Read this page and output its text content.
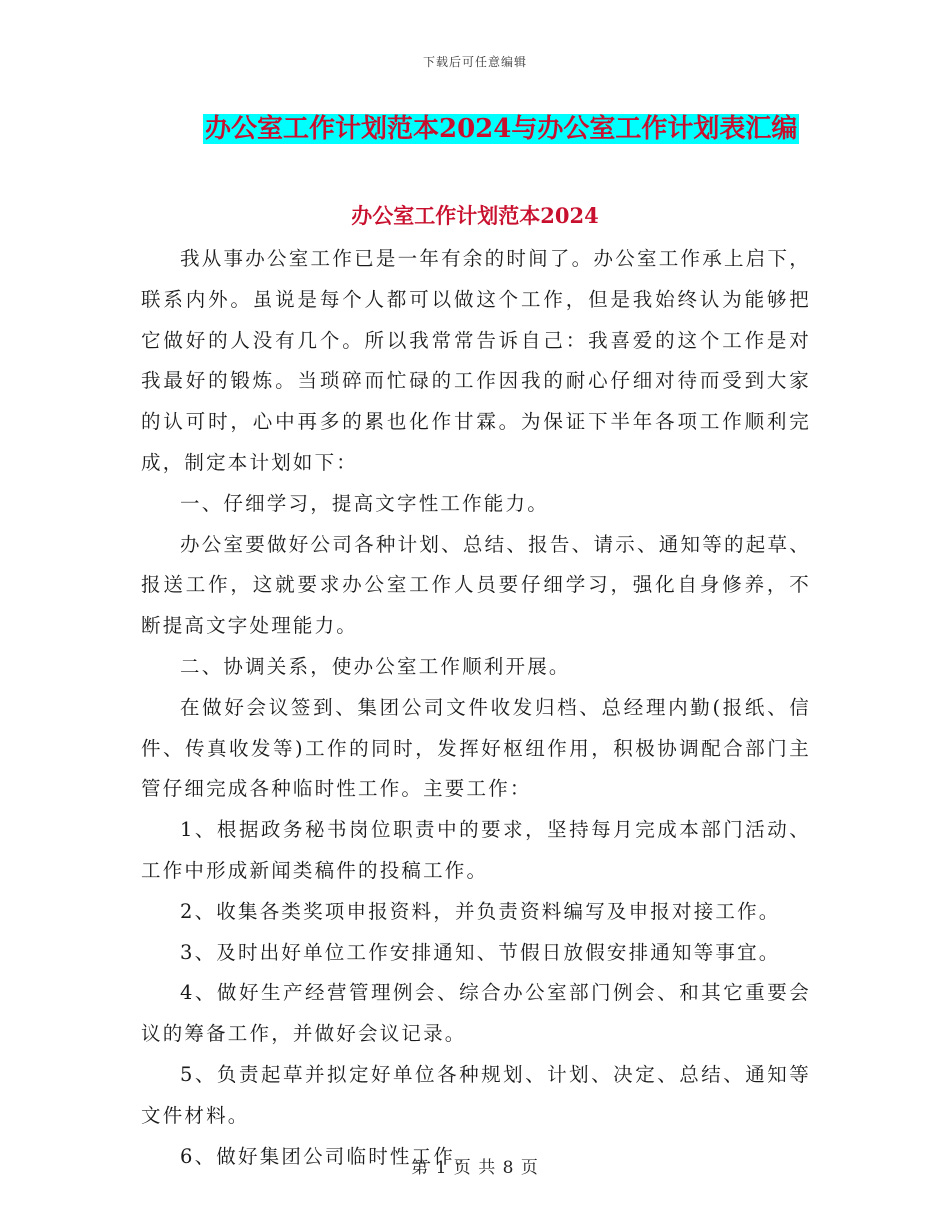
下载后可任意编辑
办公室工作计划范本2024与办公室工作计划表汇编
办公室工作计划范本2024

我从事办公室工作已是一年有余的时间了。办公室工作承上启下，联系内外。虽说是每个人都可以做这个工作，但是我始终认为能够把它做好的人没有几个。所以我常常告诉自己：我喜爱的这个工作是对我最好的锻炼。当琐碎而忙碌的工作因我的耐心仔细对待而受到大家的认可时，心中再多的累也化作甘霖。为保证下半年各项工作顺利完成，制定本计划如下：

一、仔细学习，提高文字性工作能力。

办公室要做好公司各种计划、总结、报告、请示、通知等的起草、报送工作，这就要求办公室工作人员要仔细学习，强化自身修养，不断提高文字处理能力。

二、协调关系，使办公室工作顺利开展。

在做好会议签到、集团公司文件收发归档、总经理内勤(报纸、信件、传真收发等)工作的同时，发挥好枢纽作用，积极协调配合部门主管仔细完成各种临时性工作。主要工作：

1、根据政务秘书岗位职责中的要求，坚持每月完成本部门活动、工作中形成新闻类稿件的投稿工作。

2、收集各类奖项申报资料，并负责资料编写及申报对接工作。

3、及时出好单位工作安排通知、节假日放假安排通知等事宜。

4、做好生产经营管理例会、综合办公室部门例会、和其它重要会议的筹备工作，并做好会议记录。

5、负责起草并拟定好单位各种规划、计划、决定、总结、通知等文件材料。

6、做好集团公司临时性工作。

第 1 页 共 8 页
